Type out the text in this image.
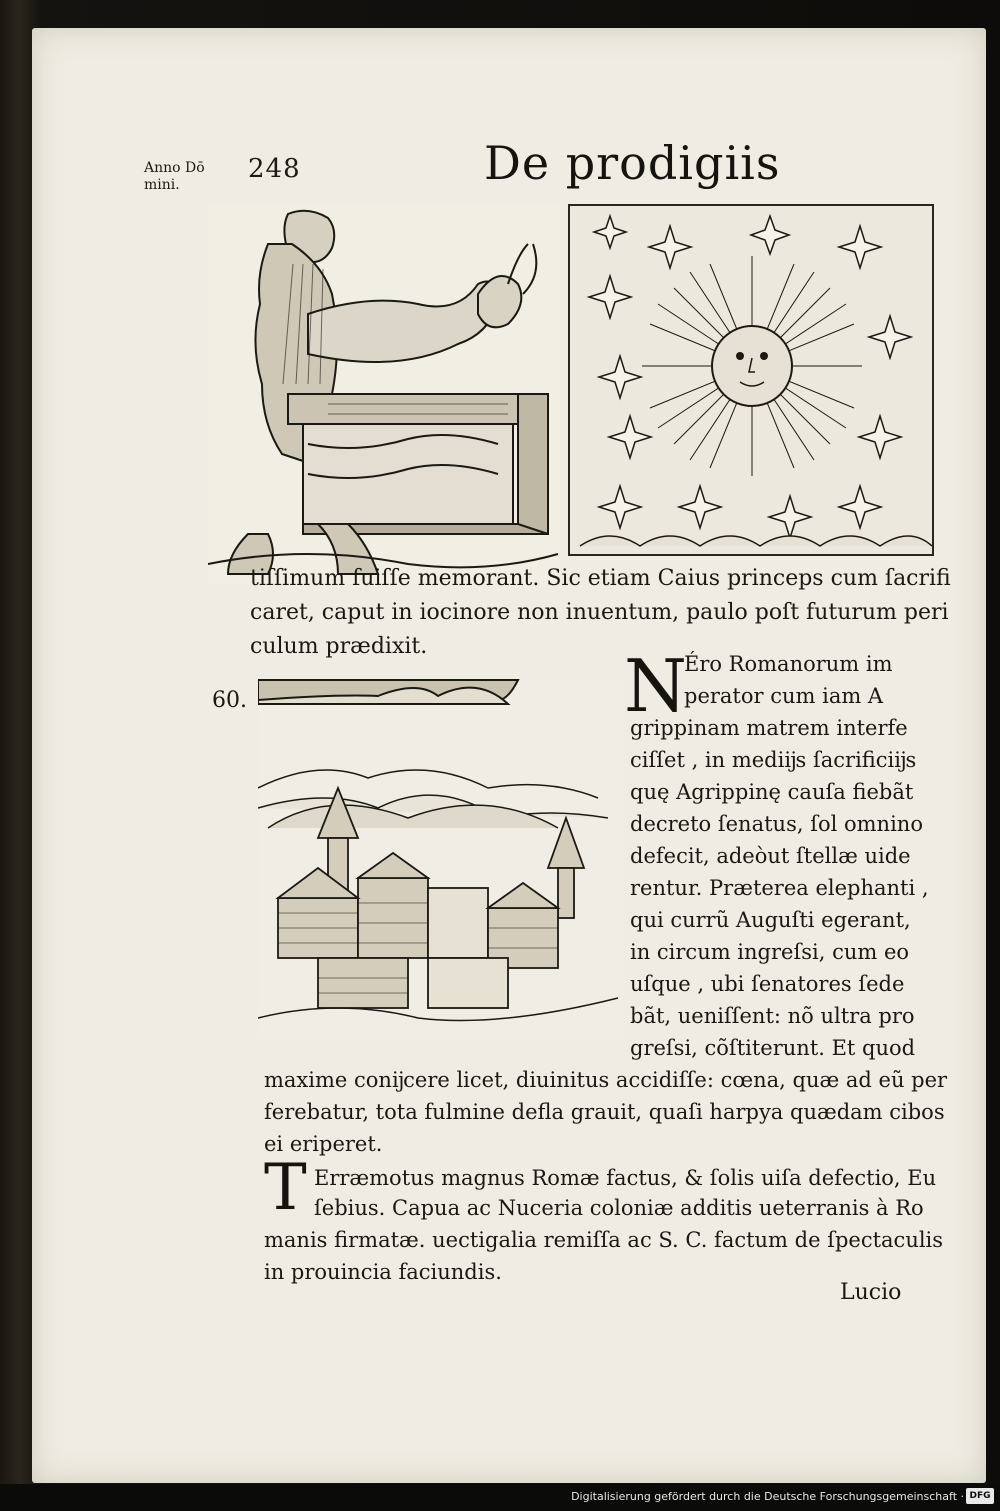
Anno Dō
mini.
248	De prodigiis
tiſſimum fuiſſe memorant. Sic etiam Caius princeps cum ſacrifi
caret, caput in iocinore non inuentum, paulo poſt futurum peri
culum prædixit.
60.	N
Éro Romanorum im
perator cum iam A
grippinam matrem interfe
ciſſet , in mediĳs ſacrificiĳs
quę Agrippinę cauſa fiebãt
decreto ſenatus, ſol omnino
defecit, adeòut ſtellæ uide
rentur. Præterea elephanti ,
qui currũ Auguſti egerant,
in circum ingreſsi, cum eo
uſque , ubi ſenatores ſede
bãt, ueniſſent: nõ ultra pro
greſsi, cõſtiterunt. Et quod
maxime conĳcere licet, diuinitus accidiſſe: cœna, quæ ad eũ per
ferebatur, tota fulmine defla grauit, quaſi harpya quædam cibos
ei eriperet.
T Erræmotus magnus Romæ factus, & ſolis uiſa defectio, Eu
ſebius. Capua ac Nuceria coloniæ additis ueterranis à Ro
manis firmatæ. uectigalia remiſſa ac S. C. factum de ſpectaculis
in prouincia faciundis.
Lucio
Digitalisierung gefördert durch die Deutsche Forschungsgemeinschaft · DFG
